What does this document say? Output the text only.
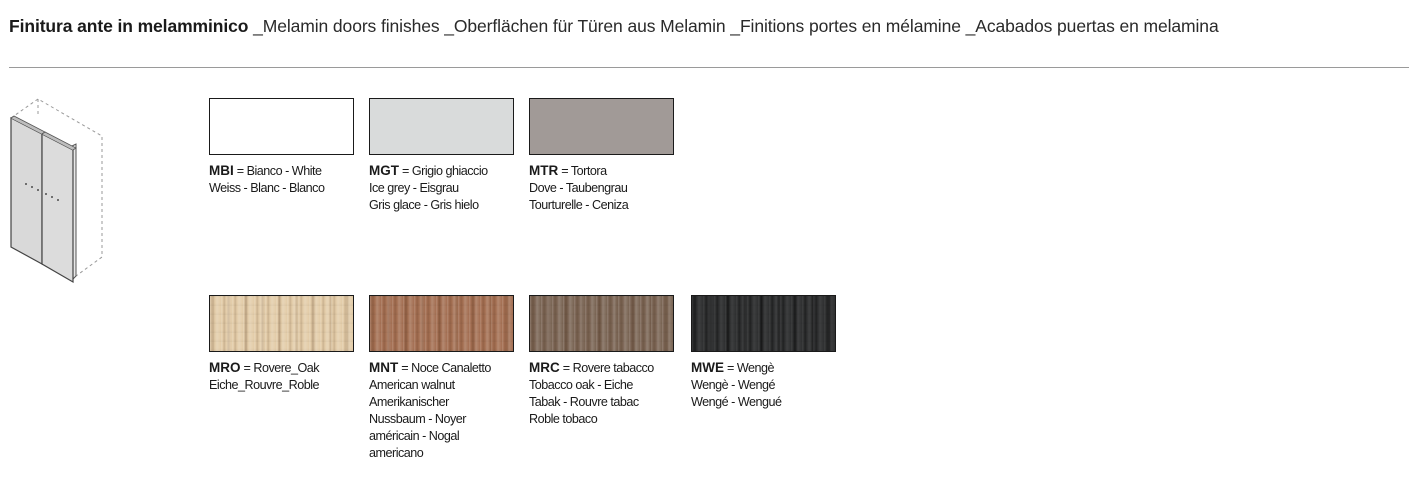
Finitura ante in melamminico _Melamin doors finishes _Oberflächen für Türen aus Melamin _Finitions portes en mélamine _Acabados puertas en melamina
MBI = Bianco - White
Weiss - Blanc - Blanco
MGT = Grigio ghiaccio
Ice grey - Eisgrau
Gris glace - Gris hielo
MTR = Tortora
Dove - Taubengrau
Tourturelle - Ceniza
MRO = Rovere_Oak
Eiche_Rouvre_Roble
MNT = Noce Canaletto
American walnut
Amerikanischer
Nussbaum - Noyer
américain - Nogal
americano
MRC = Rovere tabacco
Tobacco oak - Eiche
Tabak - Rouvre tabac
Roble tobaco
MWE = Wengè
Wengè - Wengé
Wengé - Wengué
